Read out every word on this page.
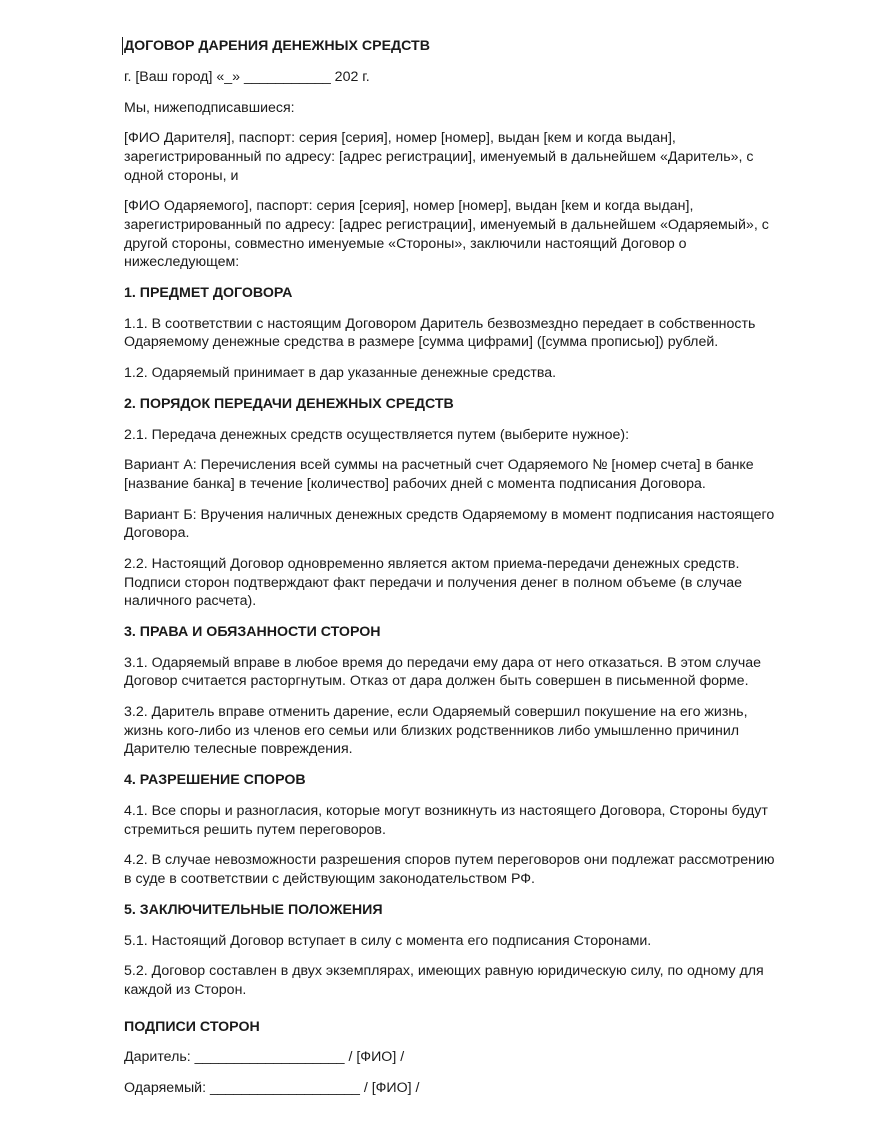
ДОГОВОР ДАРЕНИЯ ДЕНЕЖНЫХ СРЕДСТВ
г. [Ваш город] «_» ___________ 202 г.
Мы, нижеподписавшиеся:
[ФИО Дарителя], паспорт: серия [серия], номер [номер], выдан [кем и когда выдан],
зарегистрированный по адресу: [адрес регистрации], именуемый в дальнейшем «Даритель», с
одной стороны, и
[ФИО Одаряемого], паспорт: серия [серия], номер [номер], выдан [кем и когда выдан],
зарегистрированный по адресу: [адрес регистрации], именуемый в дальнейшем «Одаряемый», с
другой стороны, совместно именуемые «Стороны», заключили настоящий Договор о
нижеследующем:
1. ПРЕДМЕТ ДОГОВОРА
1.1. В соответствии с настоящим Договором Даритель безвозмездно передает в собственность
Одаряемому денежные средства в размере [сумма цифрами] ([сумма прописью]) рублей.
1.2. Одаряемый принимает в дар указанные денежные средства.
2. ПОРЯДОК ПЕРЕДАЧИ ДЕНЕЖНЫХ СРЕДСТВ
2.1. Передача денежных средств осуществляется путем (выберите нужное):
Вариант А: Перечисления всей суммы на расчетный счет Одаряемого № [номер счета] в банке
[название банка] в течение [количество] рабочих дней с момента подписания Договора.
Вариант Б: Вручения наличных денежных средств Одаряемому в момент подписания настоящего
Договора.
2.2. Настоящий Договор одновременно является актом приема-передачи денежных средств.
Подписи сторон подтверждают факт передачи и получения денег в полном объеме (в случае
наличного расчета).
3. ПРАВА И ОБЯЗАННОСТИ СТОРОН
3.1. Одаряемый вправе в любое время до передачи ему дара от него отказаться. В этом случае
Договор считается расторгнутым. Отказ от дара должен быть совершен в письменной форме.
3.2. Даритель вправе отменить дарение, если Одаряемый совершил покушение на его жизнь,
жизнь кого-либо из членов его семьи или близких родственников либо умышленно причинил
Дарителю телесные повреждения.
4. РАЗРЕШЕНИЕ СПОРОВ
4.1. Все споры и разногласия, которые могут возникнуть из настоящего Договора, Стороны будут
стремиться решить путем переговоров.
4.2. В случае невозможности разрешения споров путем переговоров они подлежат рассмотрению
в суде в соответствии с действующим законодательством РФ.
5. ЗАКЛЮЧИТЕЛЬНЫЕ ПОЛОЖЕНИЯ
5.1. Настоящий Договор вступает в силу с момента его подписания Сторонами.
5.2. Договор составлен в двух экземплярах, имеющих равную юридическую силу, по одному для
каждой из Сторон.
ПОДПИСИ СТОРОН
Даритель: ___________________ / [ФИО] /
Одаряемый: ___________________ / [ФИО] /
